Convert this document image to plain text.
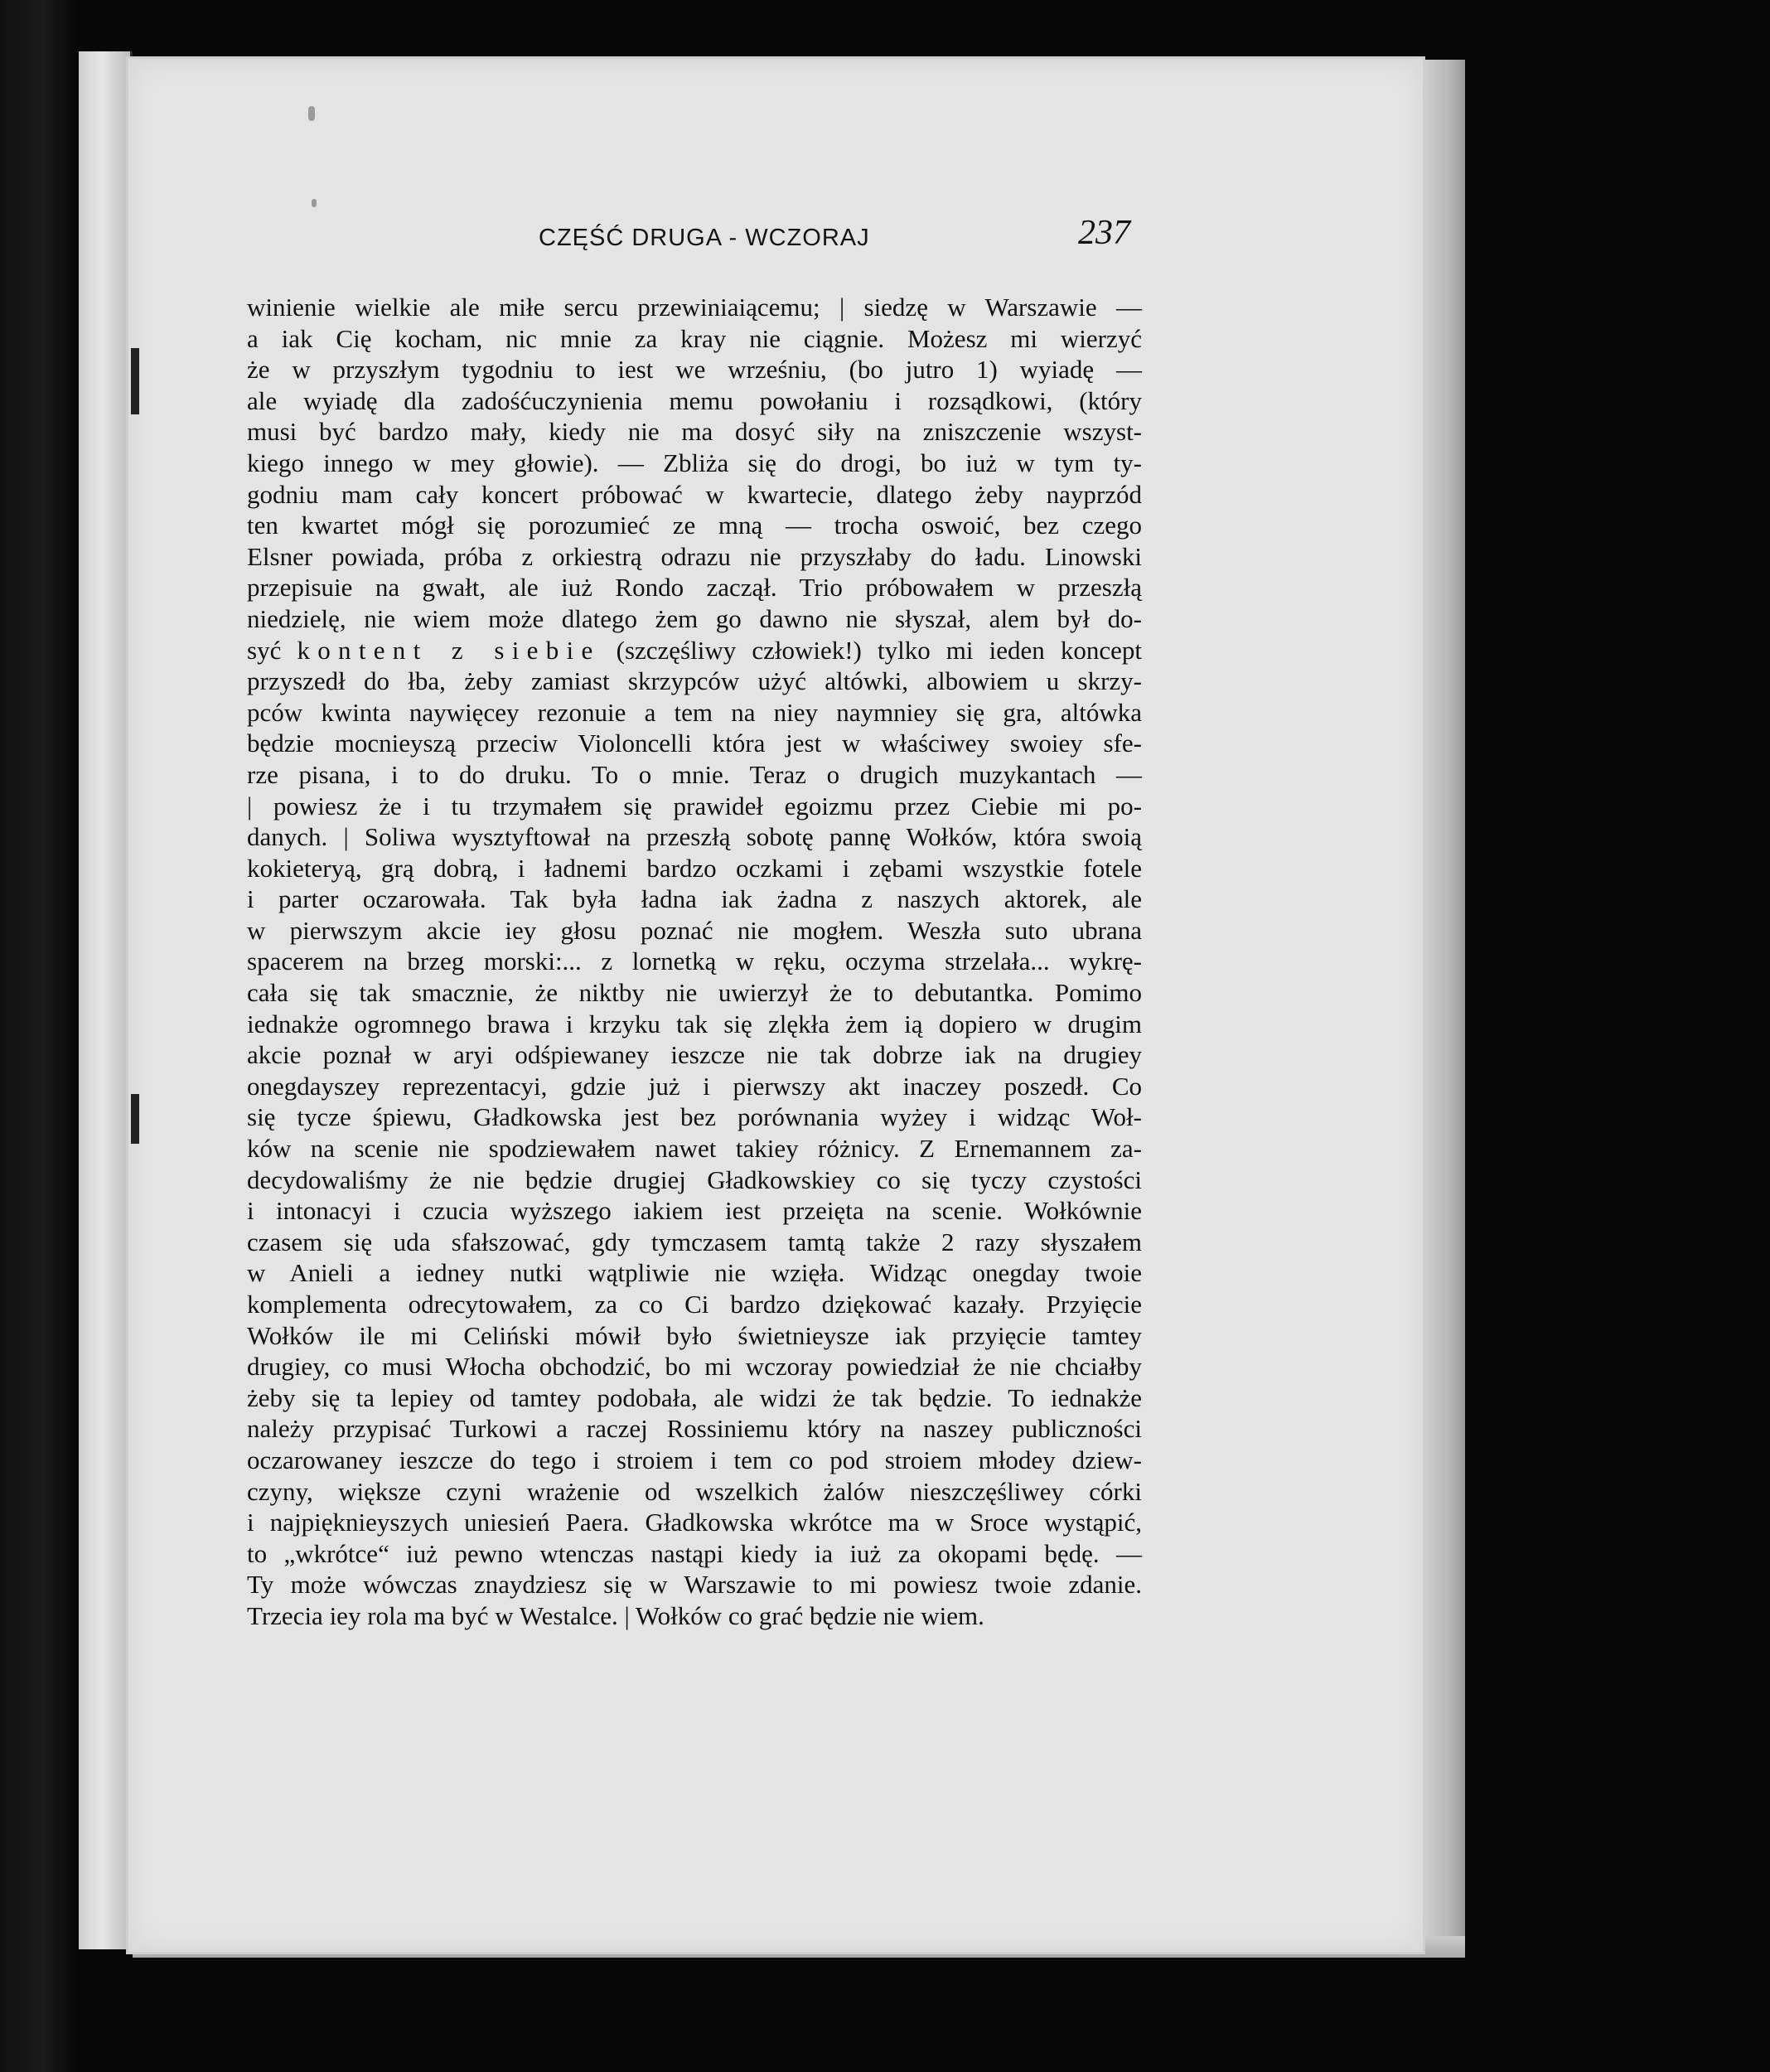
CZĘŚĆ DRUGA - WCZORAJ	237
winienie wielkie ale miłe sercu przewiniaiącemu; | siedzę w Warszawie —
a iak Cię kocham, nic mnie za kray nie ciągnie. Możesz mi wierzyć
że w przyszłym tygodniu to iest we wrześniu, (bo jutro 1) wyiadę —
ale wyiadę dla zadośćuczynienia memu powołaniu i rozsądkowi, (który
musi być bardzo mały, kiedy nie ma dosyć siły na zniszczenie wszyst-
kiego innego w mey głowie). — Zbliża się do drogi, bo iuż w tym ty-
godniu mam cały koncert próbować w kwartecie, dlatego żeby nayprzód
ten kwartet mógł się porozumieć ze mną — trocha oswoić, bez czego
Elsner powiada, próba z orkiestrą odrazu nie przyszłaby do ładu. Linowski
przepisuie na gwałt, ale iuż Rondo zaczął. Trio próbowałem w przeszłą
niedzielę, nie wiem może dlatego żem go dawno nie słyszał, alem był do-
syć kontent z siebie (szczęśliwy człowiek!) tylko mi ieden koncept
przyszedł do łba, żeby zamiast skrzypców użyć altówki, albowiem u skrzy-
pców kwinta naywięcey rezonuie a tem na niey naymniey się gra, altówka
będzie mocnieyszą przeciw Violoncelli która jest w właściwey swoiey sfe-
rze pisana, i to do druku. To o mnie. Teraz o drugich muzykantach —
| powiesz że i tu trzymałem się prawideł egoizmu przez Ciebie mi po-
danych. | Soliwa wysztyftował na przeszłą sobotę pannę Wołków, która swoią
kokieteryą, grą dobrą, i ładnemi bardzo oczkami i zębami wszystkie fotele
i parter oczarowała. Tak była ładna iak żadna z naszych aktorek, ale
w pierwszym akcie iey głosu poznać nie mogłem. Weszła suto ubrana
spacerem na brzeg morski:... z lornetką w ręku, oczyma strzelała... wykrę-
cała się tak smacznie, że niktby nie uwierzył że to debutantka. Pomimo
iednakże ogromnego brawa i krzyku tak się zlękła żem ią dopiero w drugim
akcie poznał w aryi odśpiewaney ieszcze nie tak dobrze iak na drugiey
onegdayszey reprezentacyi, gdzie już i pierwszy akt inaczey poszedł. Co
się tycze śpiewu, Gładkowska jest bez porównania wyżey i widząc Woł-
ków na scenie nie spodziewałem nawet takiey różnicy. Z Ernemannem za-
decydowaliśmy że nie będzie drugiej Gładkowskiey co się tyczy czystości
i intonacyi i czucia wyższego iakiem iest przeięta na scenie. Wołkównie
czasem się uda sfałszować, gdy tymczasem tamtą także 2 razy słyszałem
w Anieli a iedney nutki wątpliwie nie wzięła. Widząc onegday twoie
komplementa odrecytowałem, za co Ci bardzo dziękować kazały. Przyięcie
Wołków ile mi Celiński mówił było świetnieysze iak przyięcie tamtey
drugiey, co musi Włocha obchodzić, bo mi wczoray powiedział że nie chciałby
żeby się ta lepiey od tamtey podobała, ale widzi że tak będzie. To iednakże
należy przypisać Turkowi a raczej Rossiniemu który na naszey publiczności
oczarowaney ieszcze do tego i stroiem i tem co pod stroiem młodey dziew-
czyny, większe czyni wrażenie od wszelkich żalów nieszczęśliwey córki
i najpięknieyszych uniesień Paera. Gładkowska wkrótce ma w Sroce wystąpić,
to „wkrótce“ iuż pewno wtenczas nastąpi kiedy ia iuż za okopami będę. —
Ty może wówczas znaydziesz się w Warszawie to mi powiesz twoie zdanie.
Trzecia iey rola ma być w Westalce. | Wołków co grać będzie nie wiem.
